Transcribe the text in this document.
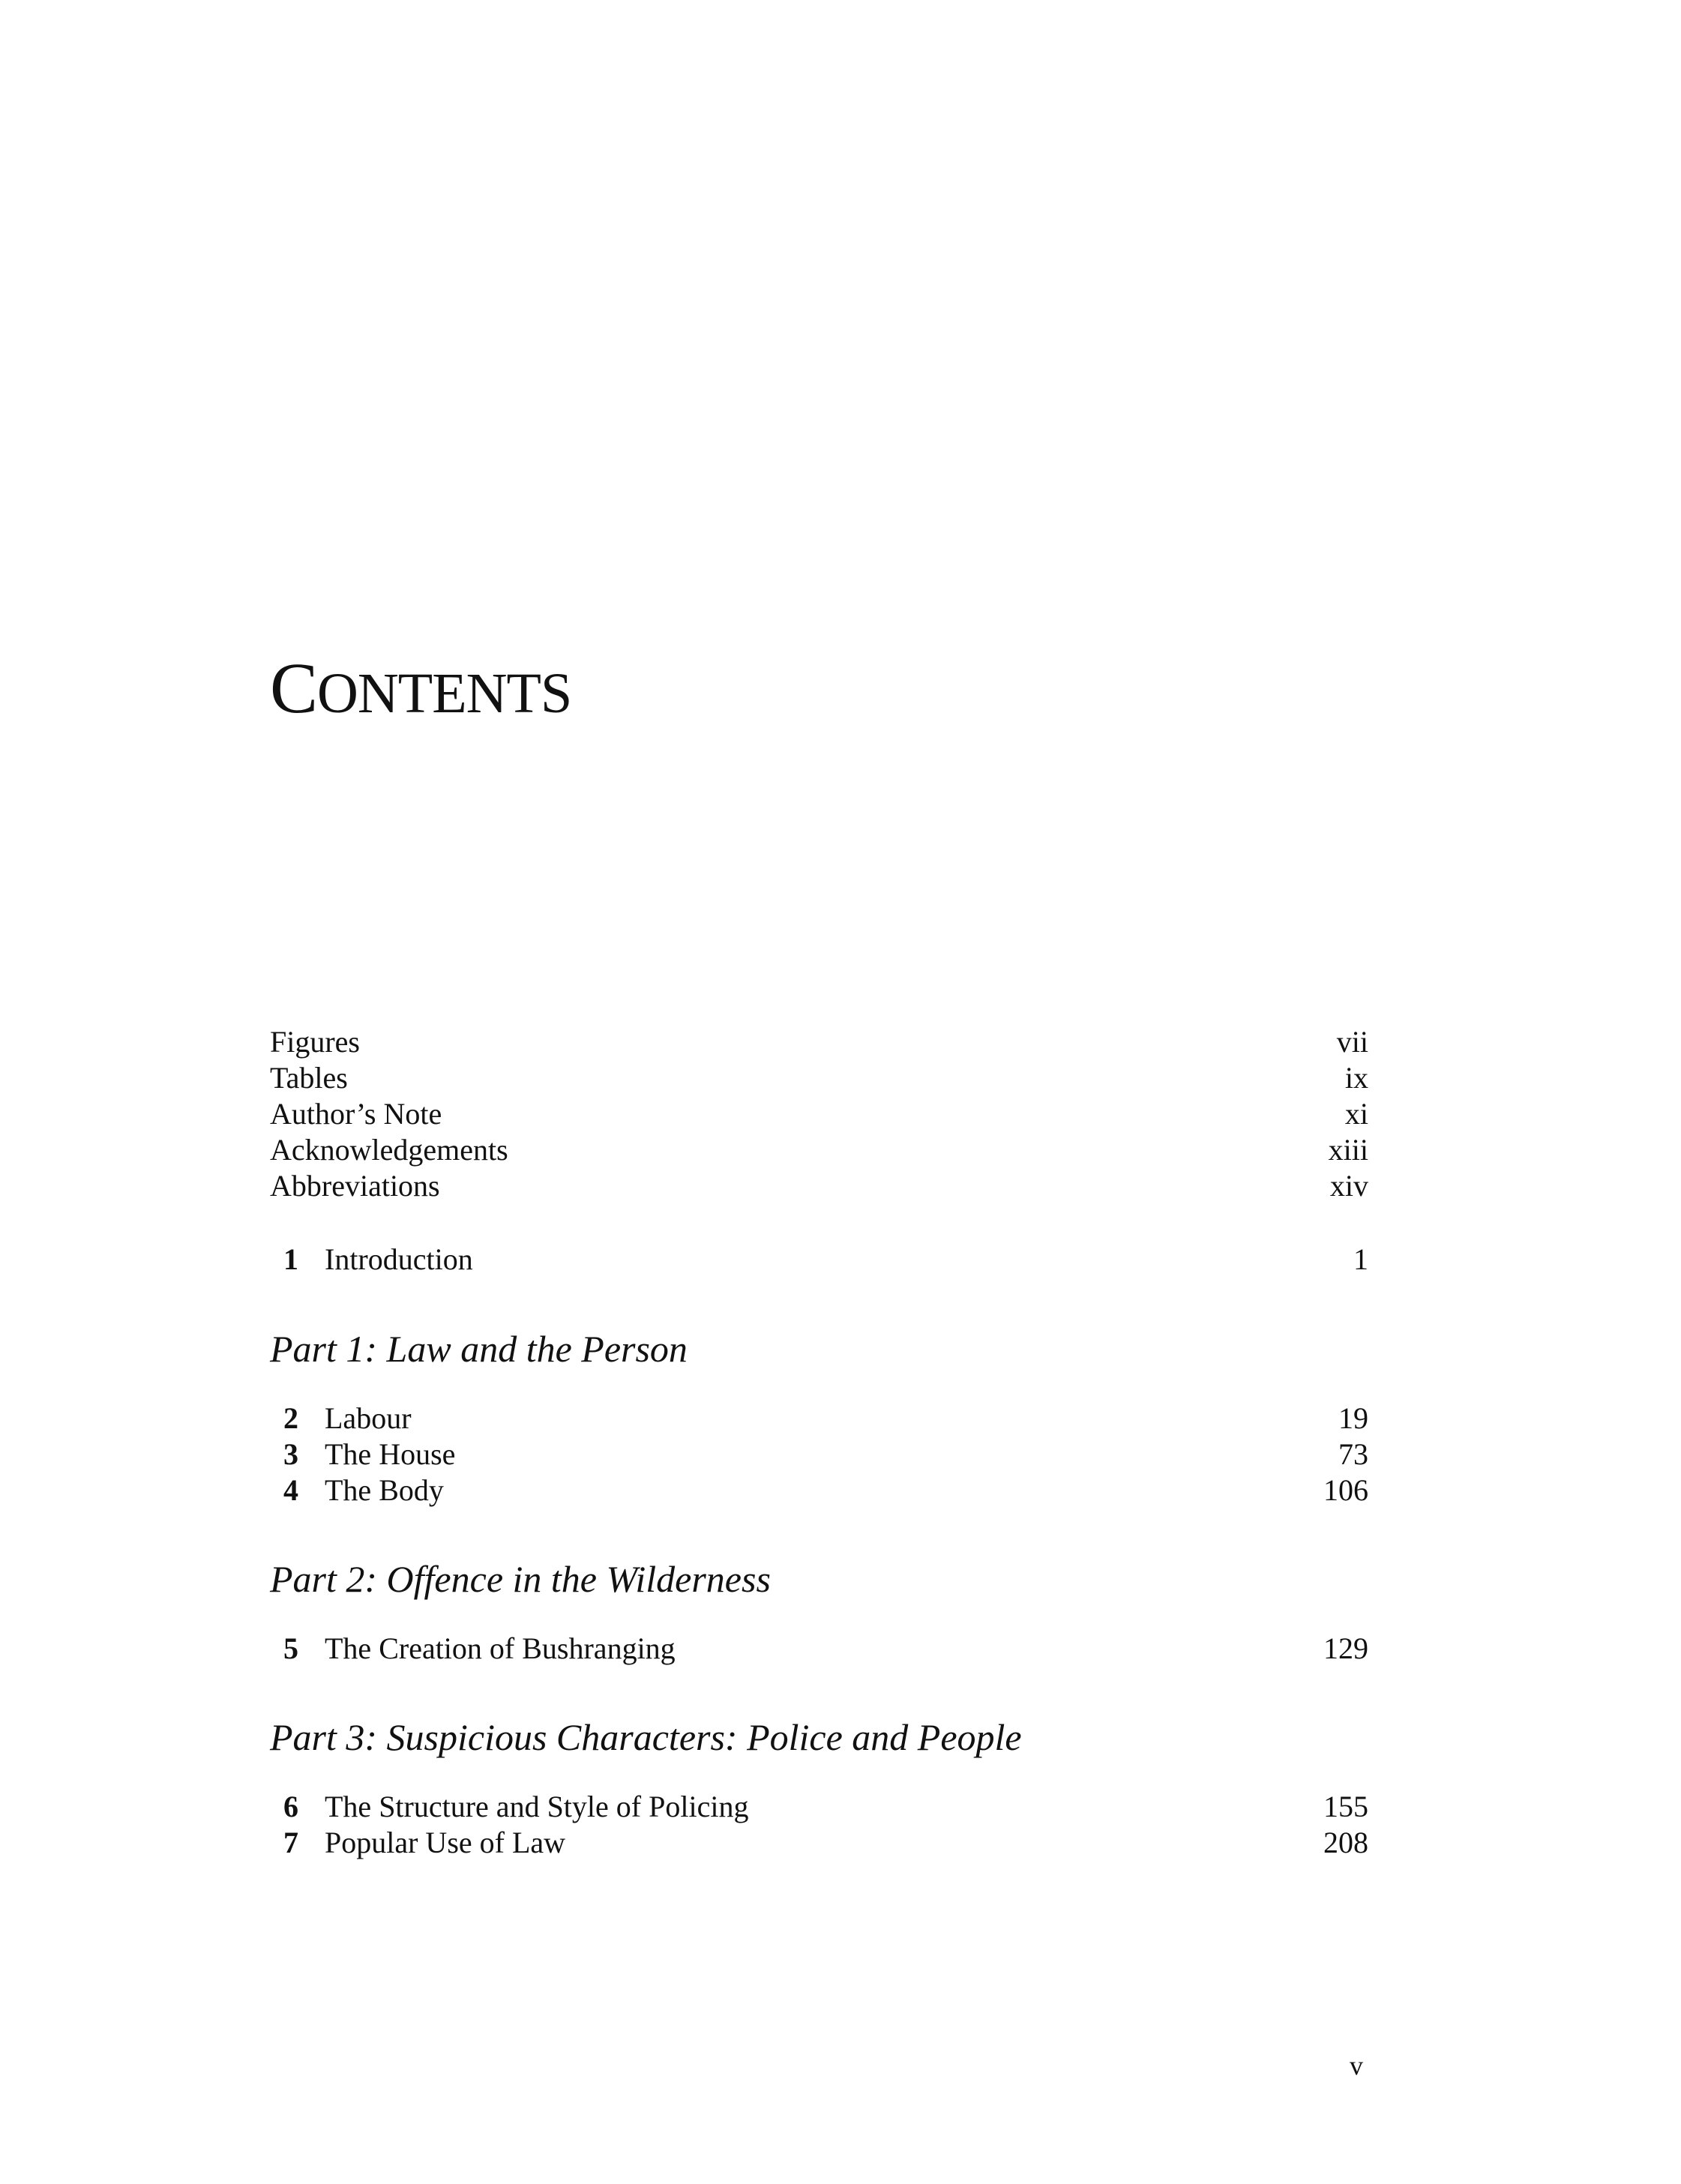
CONTENTS
Figures	vii
Tables	ix
Author’s Note	xi
Acknowledgements	xiii
Abbreviations	xiv
1 Introduction	1
Part 1: Law and the Person
2 Labour	19
3 The House	73
4 The Body	106
Part 2: Offence in the Wilderness
5 The Creation of Bushranging	129
Part 3: Suspicious Characters: Police and People
6 The Structure and Style of Policing	155
7 Popular Use of Law	208
v
